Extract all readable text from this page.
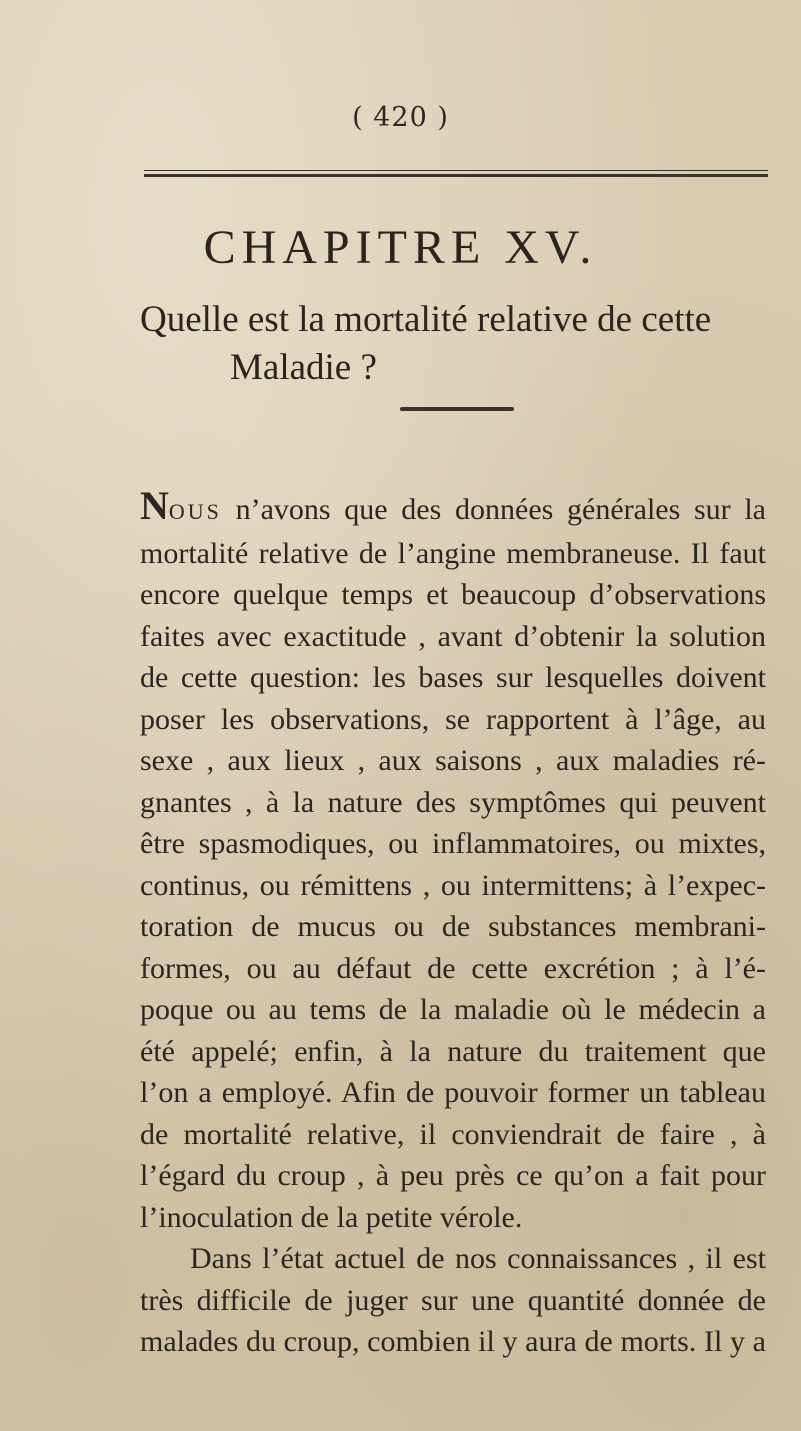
( 420 )
CHAPITRE XV.
Quelle est la mortalité relative de cette
Maladie ?
NOUS n’avons que des données générales sur la
mortalité relative de l’angine membraneuse. Il faut
encore quelque temps et beaucoup d’observations
faites avec exactitude , avant d’obtenir la solution
de cette question: les bases sur lesquelles doivent
poser les observations, se rapportent à l’âge, au
sexe , aux lieux , aux saisons , aux maladies ré-
gnantes , à la nature des symptômes qui peuvent
être spasmodiques, ou inflammatoires, ou mixtes,
continus, ou rémittens , ou intermittens; à l’expec-
toration de mucus ou de substances membrani-
formes, ou au défaut de cette excrétion ; à l’é-
poque ou au tems de la maladie où le médecin a
été appelé; enfin, à la nature du traitement que
l’on a employé. Afin de pouvoir former un tableau
de mortalité relative, il conviendrait de faire , à
l’égard du croup , à peu près ce qu’on a fait pour
l’inoculation de la petite vérole.
Dans l’état actuel de nos connaissances , il est
très difficile de juger sur une quantité donnée de
malades du croup, combien il y aura de morts. Il y a
